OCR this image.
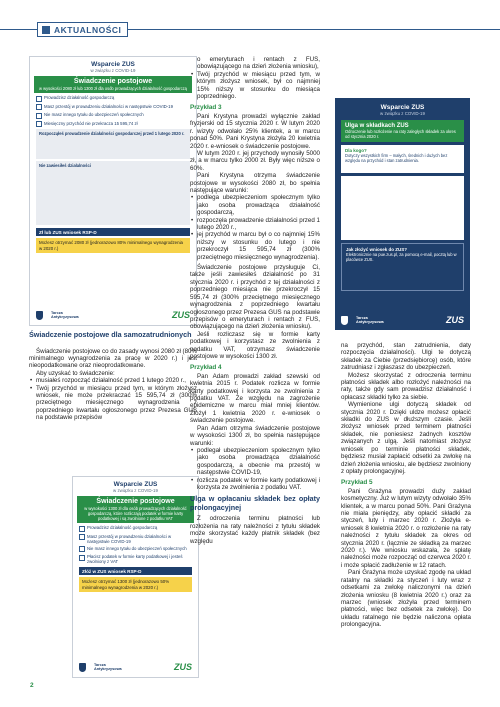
AKTUALNOŚCI
Wsparcie ZUS
w związku z COVID-19
Świadczenie postojowe
w wysokości 2080 zł lub 1300 zł dla osób prowadzących działalność gospodarczą
Prowadzisz działalność gospodarczą
Masz przestój w prowadzeniu działalności w następstwie COVID-19
Nie masz innego tytułu do ubezpieczeń społecznych
Miesięczny przychód nie przekracza 15 595,74 zł
Rozpocząłeś prowadzenie działalności gospodarczej przed 1 lutego 2020 r.
Nie zawiesiłeś działalności
Zł lub ZUS wniosek RSP-D
Możesz otrzymać 2080 zł (jednorazowo 80% minimalnego wynagrodzenia w 2020 r.)
Tarcza Antykryzysowa	ZUS

Świadczenie postojowe dla samozatrudnionych

Świadczenie postojowe co do zasady wynosi 2080 zł (80% minimalnego wynagrodzenia za pracę w 2020 r.) i jest nieopodatkowane oraz nieoprodatkowane.

Aby uzyskać to świadczenie:

• musiałeś rozpocząć działalność przed 1 lutego 2020 r.,

• Twój przychód w miesiącu przed tym, w którym złożysz wniosek, nie może przekraczać 15 595,74 zł (300% przeciętnego miesięcznego wynagrodzenia z poprzedniego kwartału ogłoszonego przez Prezesa GUS na podstawie przepisów

Wsparcie ZUS
w związku z COVID-19
Świadczenie postojowe
w wysokości 1300 zł dla osób prowadzących działalność gospodarczą, które rozliczają podatek w formie karty podatkowej i są zwolnione z podatku VAT
Prowadzisz działalność gospodarczą
Masz przestój w prowadzeniu działalności w następstwie COVID-19
Nie masz innego tytułu do ubezpieczeń społecznych
Płacisz podatek w formie karty podatkowej i jesteś zwolniony z VAT
Złóż w ZUS wniosek RSP-D
Możesz otrzymać 1300 zł (jednorazowo 50% minimalnego wynagrodzenia w 2020 r.)
Tarcza Antykryzysowa	ZUS

o emeryturach i rentach z FUS, obowiązującego na dzień złożenia wniosku),

• Twój przychód w miesiącu przed tym, w którym złożysz wniosek, był co najmniej 15% niższy w stosunku do miesiąca poprzedniego.

Przykład 3

Pani Krystyna prowadzi wyłącznie zakład fryzjerski od 15 stycznia 2020 r. W lutym 2020 r. wizyty odwołało 25% klientek, a w marcu ponad 50%. Pani Krystyna złożyła 20 kwietnia 2020 r. e-wniosek o świadczenie postojowe.

W lutym 2020 r. jej przychody wynosiły 5000 zł, a w marcu tylko 2000 zł. Były więc niższe o 60%.

Pani Krystyna otrzyma świadczenie postojowe w wysokości 2080 zł, bo spełnia następujące warunki:

• podlega ubezpieczeniom społecznym tylko jako osoba prowadząca działalność gospodarczą,

• rozpoczęła prowadzenie działalności przed 1 lutego 2020 r.,

• jej przychód w marcu był o co najmniej 15% niższy w stosunku do lutego i nie przekroczył 15 595,74 zł (300% przeciętnego miesięcznego wynagrodzenia).

Świadczenie postojowe przysługuje Ci, także jeśli zawiesiłeś działalność po 31 stycznia 2020 r. i przychód z tej działalności z poprzedniego miesiąca nie przekroczył 15 595,74 zł (300% przeciętnego miesięcznego wynagrodzenia z poprzedniego kwartału ogłoszonego przez Prezesa GUS na podstawie przepisów o emeryturach i rentach z FUS, obowiązującego na dzień złożenia wniosku).

Jeśli rozliczasz się w formie karty podatkowej i korzystasz ze zwolnienia z podatku VAT, otrzymasz świadczenie postojowe w wysokości 1300 zł.

Przykład 4

Pan Adam prowadzi zakład szewski od kwietnia 2015 r. Podatek rozlicza w formie karty podatkowej i korzysta ze zwolnienia z podatku VAT. Ze względu na zagrożenie epidemiczne w marcu miał mniej klientów. Złożył 1 kwietnia 2020 r. e-wniosek o świadczenie postojowe.

Pan Adam otrzyma świadczenie postojowe w wysokości 1300 zł, bo spełnia następujące warunki:

• podlegał ubezpieczeniom społecznym tylko jako osoba prowadząca działalność gospodarczą, a obecnie ma przestój w następstwie COVID-19,

• rozlicza podatek w formie karty podatkowej i korzysta ze zwolnienia z podatku VAT.

Ulga w opłacaniu składek bez opłaty prolongacyjnej

Z odroczenia terminu płatności lub rozłożenia na raty należności z tytułu składek może skorzystać każdy płatnik składek (bez względu

Wsparcie ZUS
w związku z COVID-19
Ulga w składkach ZUS
Odroczenie lub rozłożenie na raty zaległych składek za okres od stycznia 2020 r.
Dla kogo?
Dotyczy wszystkich firm – małych, średnich i dużych bez względu na przychód i stan zatrudnienia.
Jak złożyć wniosek do ZUS?
Elektronicznie na pue.zus.pl, za pomocą e-mail, pocztą lub w placówce ZUS.
Tarcza Antykryzysowa	ZUS

na przychód, stan zatrudnienia, daty rozpoczęcia działalności). Ulgi te dotyczą składek za Ciebie (przedsiębiorcę) osób, które zatrudniasz i zgłaszasz do ubezpieczeń.

Możesz skorzystać z odroczenia terminu płatności składek albo rozłożyć należności na raty, także gdy sam prowadzisz działalność i opłacasz składki tylko za siebie.

Wymienione ulgi dotyczą składek od stycznia 2020 r. Dzięki uldze możesz opłacić składki do ZUS w dłuższym czasie. Jeśli złożysz wniosek przed terminem płatności składek, nie poniesiesz żadnych kosztów związanych z ulgą. Jeśli natomiast złożysz wniosek po terminie płatności składek, będziesz musiał zapłacić odsetki za zwłokę na dzień złożenia wniosku, ale będziesz zwolniony z opłaty prolongacyjnej.

Przykład 5

Pani Grażyna prowadzi duży zakład kosmetyczny. Już w lutym wizyty odwołało 35% klientek, a w marcu ponad 50%. Pani Grażyna nie miała pieniędzy, aby opłacić składki za styczeń, luty i marzec 2020 r. Złożyła e-wniosek 8 kwietnia 2020 r. o rozłożenie na raty należności z tytułu składek za okres od stycznia 2020 r. (łącznie ze składką za marzec 2020 r.). We wniosku wskazała, że spłatę należności może rozpocząć od czerwca 2020 r. i może spłacić zadłużenie w 12 ratach.

Pani Grażyna może uzyskać zgodę na układ ratalny na składki za styczeń i luty wraz z odsetkami za zwłokę naliczonymi na dzień złożenia wniosku (8 kwietnia 2020 r.) oraz za marzec (wniosek złożyła przed terminem płatności, więc bez odsetek za zwłokę). Do układu ratalnego nie będzie naliczona opłata prolongacyjna.

2
